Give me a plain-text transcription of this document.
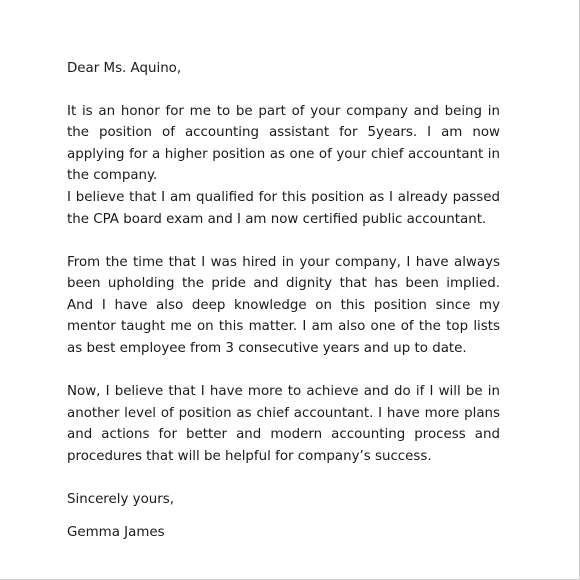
Dear Ms. Aquino,

It is an honor for me to be part of your company and being in the position of accounting assistant for 5years. I am now applying for a higher position as one of your chief accountant in the company.
I believe that I am qualified for this position as I already passed the CPA board exam and I am now certified public accountant.

From the time that I was hired in your company, I have always been upholding the pride and dignity that has been implied. And I have also deep knowledge on this position since my mentor taught me on this matter. I am also one of the top lists as best employee from 3 consecutive years and up to date.

Now, I believe that I have more to achieve and do if I will be in another level of position as chief accountant. I have more plans and actions for better and modern accounting process and procedures that will be helpful for company’s success.

Sincerely yours,

Gemma James
